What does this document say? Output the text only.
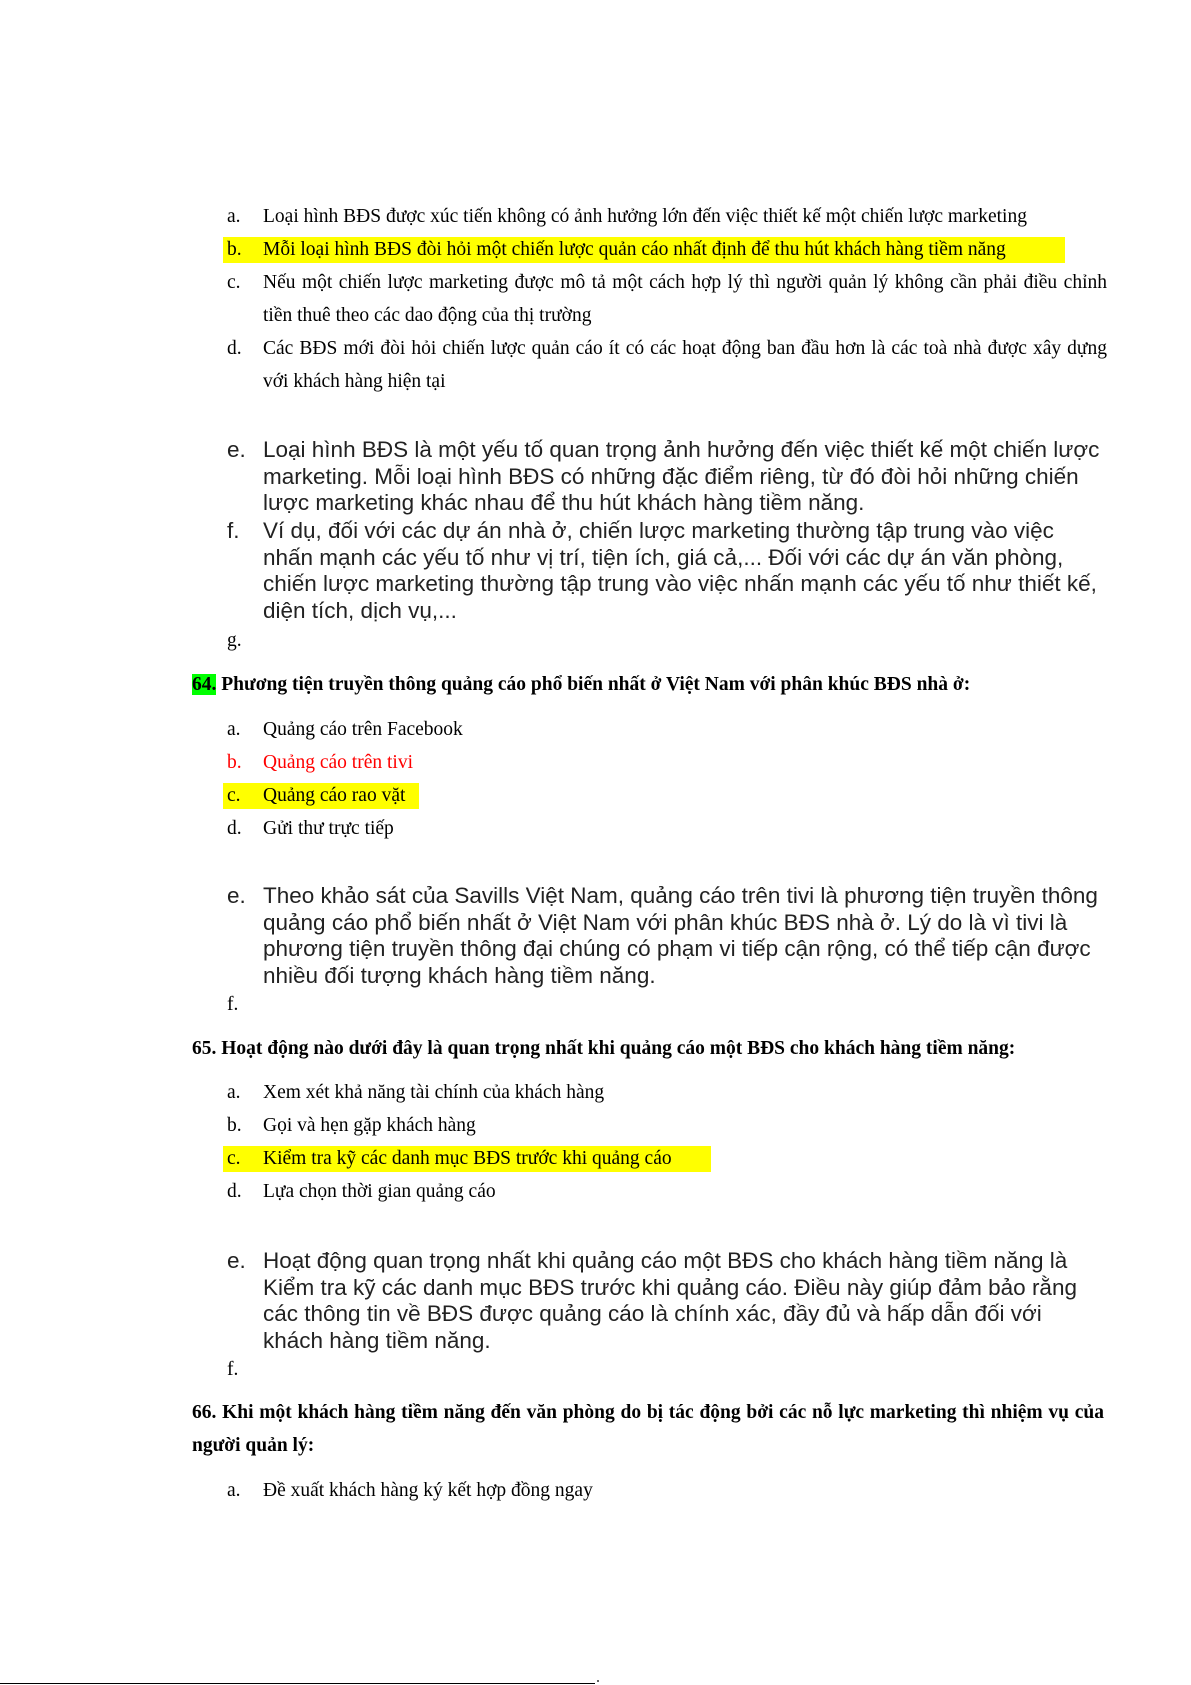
a. Loại hình BĐS được xúc tiến không có ảnh hưởng lớn đến việc thiết kế một chiến lược marketing
b. Mỗi loại hình BĐS đòi hỏi một chiến lược quản cáo nhất định để thu hút khách hàng tiềm năng
c. Nếu một chiến lược marketing được mô tả một cách hợp lý thì người quản lý không cần phải điều chỉnh tiền thuê theo các dao động của thị trường
d. Các BĐS mới đòi hỏi chiến lược quản cáo ít có các hoạt động ban đầu hơn là các toà nhà được xây dựng với khách hàng hiện tại
e. Loại hình BĐS là một yếu tố quan trọng ảnh hưởng đến việc thiết kế một chiến lược marketing. Mỗi loại hình BĐS có những đặc điểm riêng, từ đó đòi hỏi những chiến lược marketing khác nhau để thu hút khách hàng tiềm năng.
f. Ví dụ, đối với các dự án nhà ở, chiến lược marketing thường tập trung vào việc nhấn mạnh các yếu tố như vị trí, tiện ích, giá cả,... Đối với các dự án văn phòng, chiến lược marketing thường tập trung vào việc nhấn mạnh các yếu tố như thiết kế, diện tích, dịch vụ,...
g.
64. Phương tiện truyền thông quảng cáo phổ biến nhất ở Việt Nam với phân khúc BĐS nhà ở:
a. Quảng cáo trên Facebook
b. Quảng cáo trên tivi
c. Quảng cáo rao vặt
d. Gửi thư trực tiếp
e. Theo khảo sát của Savills Việt Nam, quảng cáo trên tivi là phương tiện truyền thông quảng cáo phổ biến nhất ở Việt Nam với phân khúc BĐS nhà ở. Lý do là vì tivi là phương tiện truyền thông đại chúng có phạm vi tiếp cận rộng, có thể tiếp cận được nhiều đối tượng khách hàng tiềm năng.
f.
65. Hoạt động nào dưới đây là quan trọng nhất khi quảng cáo một BĐS cho khách hàng tiềm năng:
a. Xem xét khả năng tài chính của khách hàng
b. Gọi và hẹn gặp khách hàng
c. Kiểm tra kỹ các danh mục BĐS trước khi quảng cáo
d. Lựa chọn thời gian quảng cáo
e. Hoạt động quan trọng nhất khi quảng cáo một BĐS cho khách hàng tiềm năng là Kiểm tra kỹ các danh mục BĐS trước khi quảng cáo. Điều này giúp đảm bảo rằng các thông tin về BĐS được quảng cáo là chính xác, đầy đủ và hấp dẫn đối với khách hàng tiềm năng.
f.
66. Khi một khách hàng tiềm năng đến văn phòng do bị tác động bởi các nỗ lực marketing thì nhiệm vụ của người quản lý:
a. Đề xuất khách hàng ký kết hợp đồng ngay
